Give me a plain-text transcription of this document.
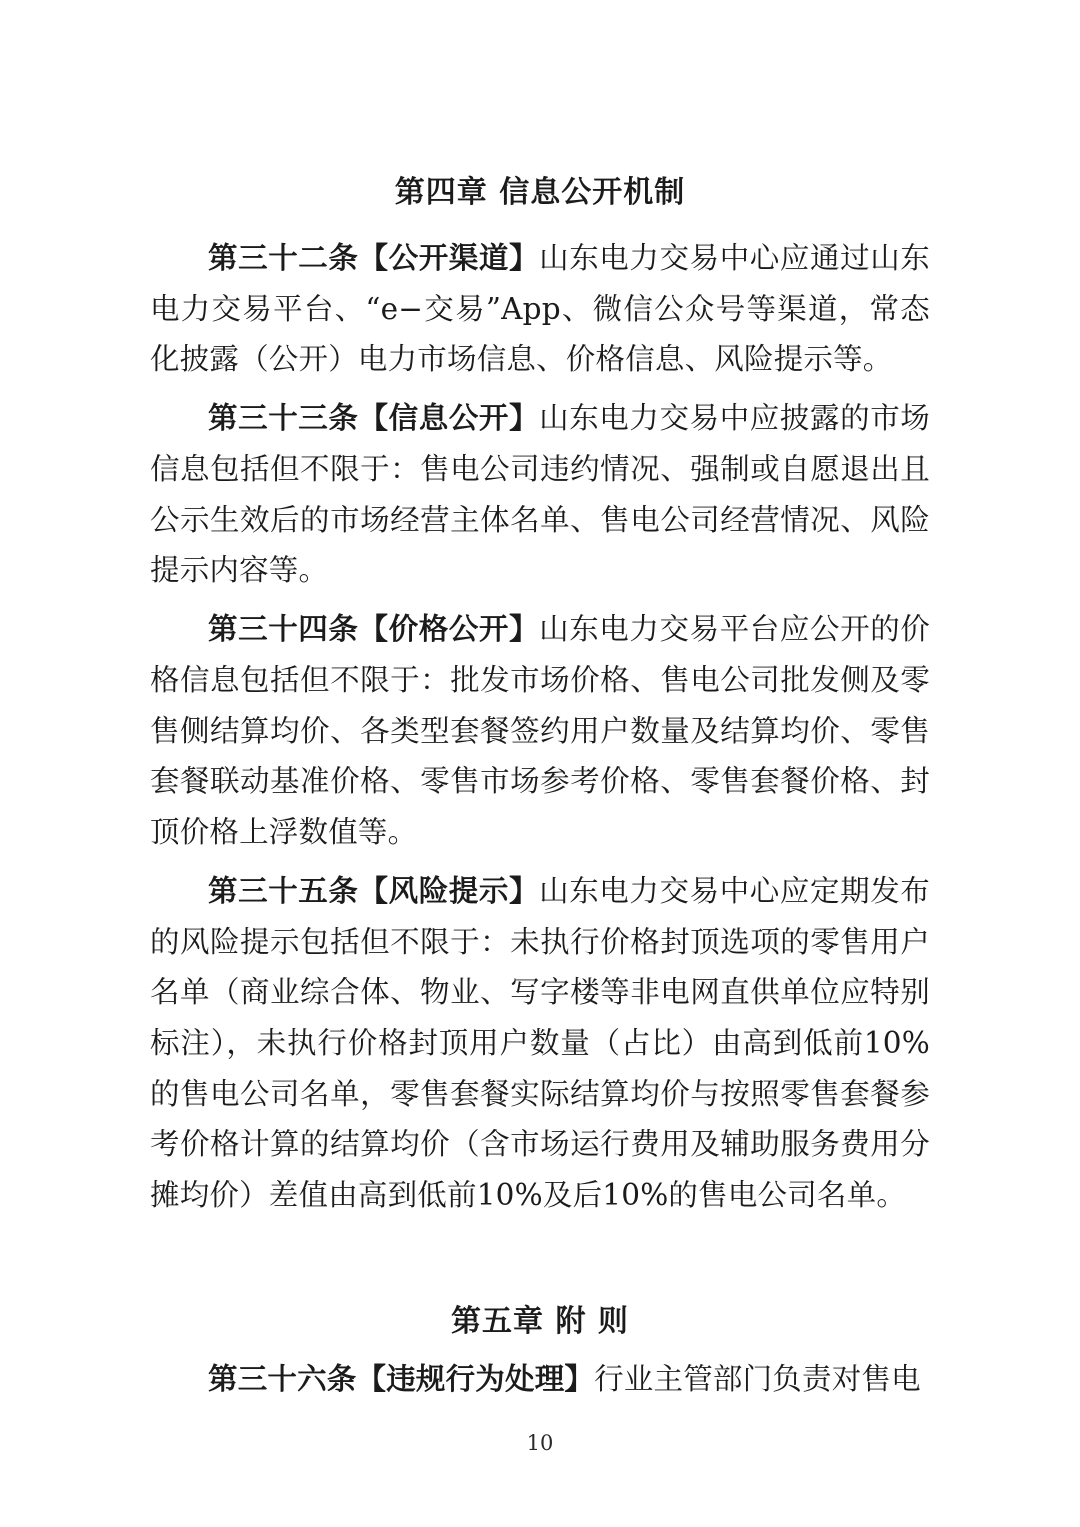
第四章 信息公开机制

第三十二条【公开渠道】山东电力交易中心应通过山东电力交易平台、“e−交易”App、微信公众号等渠道，常态化披露（公开）电力市场信息、价格信息、风险提示等。

第三十三条【信息公开】山东电力交易中应披露的市场信息包括但不限于：售电公司违约情况、强制或自愿退出且公示生效后的市场经营主体名单、售电公司经营情况、风险提示内容等。

第三十四条【价格公开】山东电力交易平台应公开的价格信息包括但不限于：批发市场价格、售电公司批发侧及零售侧结算均价、各类型套餐签约用户数量及结算均价、零售套餐联动基准价格、零售市场参考价格、零售套餐价格、封顶价格上浮数值等。

第三十五条【风险提示】山东电力交易中心应定期发布的风险提示包括但不限于：未执行价格封顶选项的零售用户名单（商业综合体、物业、写字楼等非电网直供单位应特别标注），未执行价格封顶用户数量（占比）由高到低前10%的售电公司名单，零售套餐实际结算均价与按照零售套餐参考价格计算的结算均价（含市场运行费用及辅助服务费用分摊均价）差值由高到低前10%及后10%的售电公司名单。

第五章 附 则

第三十六条【违规行为处理】行业主管部门负责对售电

10
